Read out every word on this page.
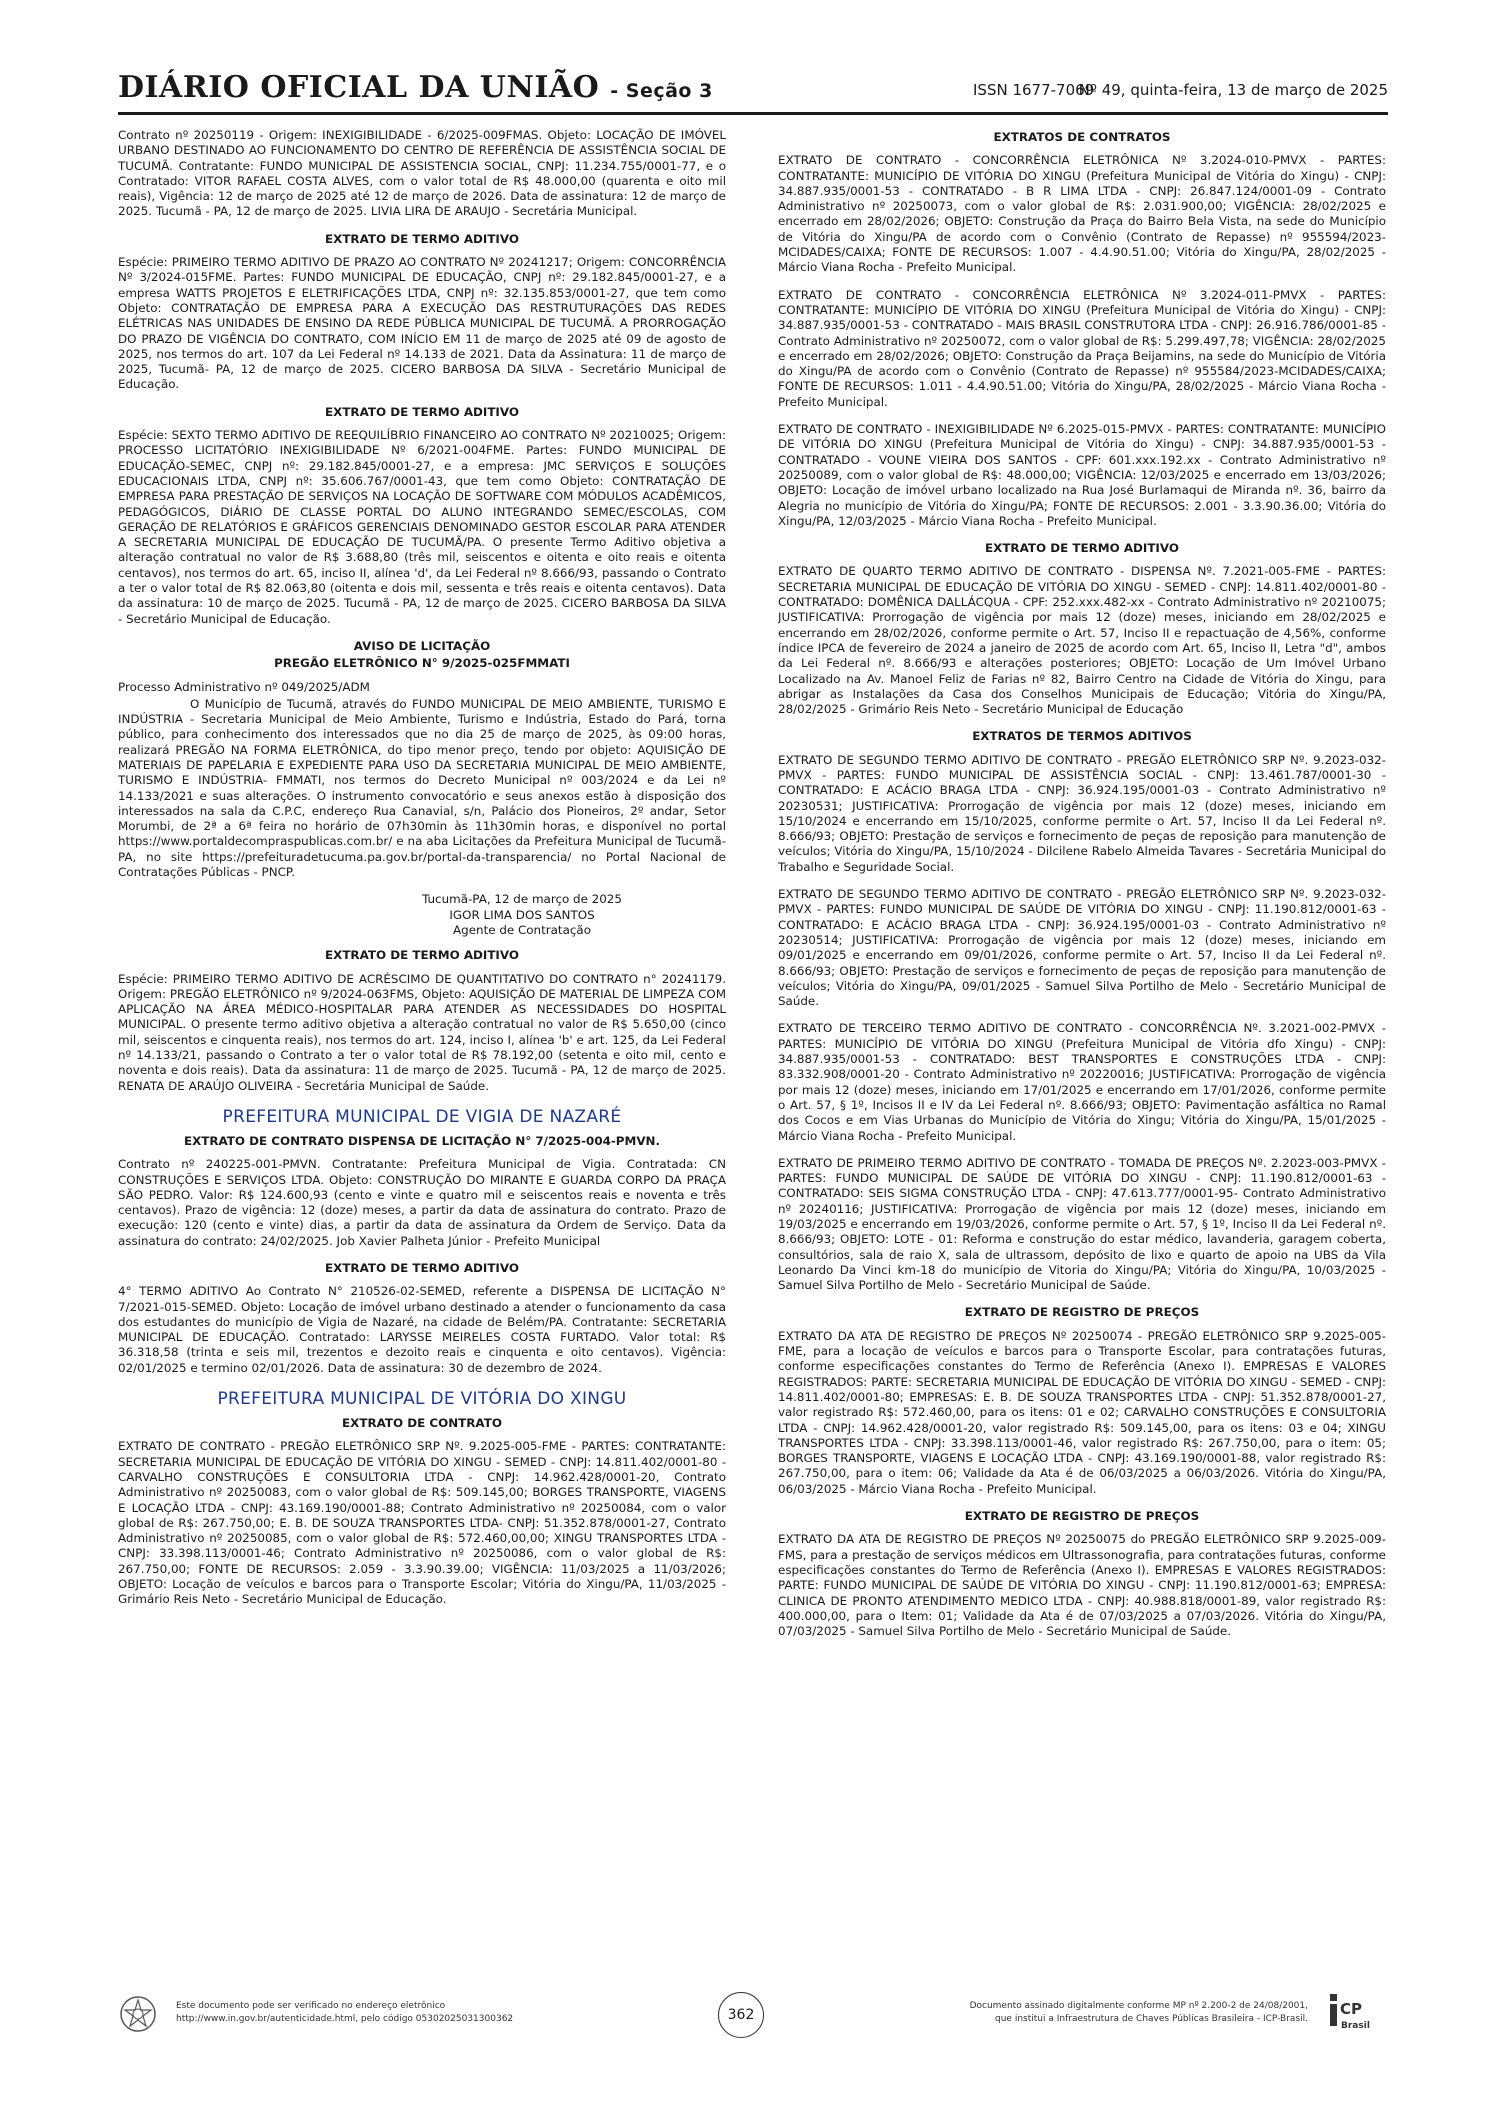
DIÁRIO OFICIAL DA UNIÃO - Seção 3	ISSN 1677-7069
Nº 49, quinta-feira, 13 de março de 2025

Contrato nº 20250119 - Origem: INEXIGIBILIDADE - 6/2025-009FMAS. Objeto: LOCAÇÃO DE IMÓVEL URBANO DESTINADO AO FUNCIONAMENTO DO CENTRO DE REFERÊNCIA DE ASSISTÊNCIA SOCIAL DE TUCUMÃ. Contratante: FUNDO MUNICIPAL DE ASSISTENCIA SOCIAL, CNPJ: 11.234.755/0001-77, e o Contratado: VITOR RAFAEL COSTA ALVES, com o valor total de R$ 48.000,00 (quarenta e oito mil reais), Vigência: 12 de março de 2025 até 12 de março de 2026. Data de assinatura: 12 de março de 2025. Tucumã - PA, 12 de março de 2025. LIVIA LIRA DE ARAUJO - Secretária Municipal.

EXTRATO DE TERMO ADITIVO

Espécie: PRIMEIRO TERMO ADITIVO DE PRAZO AO CONTRATO Nº 20241217; Origem: CONCORRÊNCIA Nº 3/2024-015FME. Partes: FUNDO MUNICIPAL DE EDUCAÇÃO, CNPJ nº: 29.182.845/0001-27, e a empresa WATTS PROJETOS E ELETRIFICAÇÕES LTDA, CNPJ nº: 32.135.853/0001-27, que tem como Objeto: CONTRATAÇÃO DE EMPRESA PARA A EXECUÇÃO DAS RESTRUTURAÇÕES DAS REDES ELÉTRICAS NAS UNIDADES DE ENSINO DA REDE PÚBLICA MUNICIPAL DE TUCUMÃ. A PRORROGAÇÃO DO PRAZO DE VIGÊNCIA DO CONTRATO, COM INÍCIO EM 11 de março de 2025 até 09 de agosto de 2025, nos termos do art. 107 da Lei Federal nº 14.133 de 2021. Data da Assinatura: 11 de março de 2025, Tucumã- PA, 12 de março de 2025. CICERO BARBOSA DA SILVA - Secretário Municipal de Educação.

EXTRATO DE TERMO ADITIVO

Espécie: SEXTO TERMO ADITIVO DE REEQUILÍBRIO FINANCEIRO AO CONTRATO Nº 20210025; Origem: PROCESSO LICITATÓRIO INEXIGIBILIDADE Nº 6/2021-004FME. Partes: FUNDO MUNICIPAL DE EDUCAÇÃO-SEMEC, CNPJ nº: 29.182.845/0001-27, e a empresa: JMC SERVIÇOS E SOLUÇÕES EDUCACIONAIS LTDA, CNPJ nº: 35.606.767/0001-43, que tem como Objeto: CONTRATAÇÃO DE EMPRESA PARA PRESTAÇÃO DE SERVIÇOS NA LOCAÇÃO DE SOFTWARE COM MÓDULOS ACADÊMICOS, PEDAGÓGICOS, DIÁRIO DE CLASSE PORTAL DO ALUNO INTEGRANDO SEMEC/ESCOLAS, COM GERAÇÃO DE RELATÓRIOS E GRÁFICOS GERENCIAIS DENOMINADO GESTOR ESCOLAR PARA ATENDER A SECRETARIA MUNICIPAL DE EDUCAÇÃO DE TUCUMÃ/PA. O presente Termo Aditivo objetiva a alteração contratual no valor de R$ 3.688,80 (três mil, seiscentos e oitenta e oito reais e oitenta centavos), nos termos do art. 65, inciso II, alínea 'd', da Lei Federal nº 8.666/93, passando o Contrato a ter o valor total de R$ 82.063,80 (oitenta e dois mil, sessenta e três reais e oitenta centavos). Data da assinatura: 10 de março de 2025. Tucumã - PA, 12 de março de 2025. CICERO BARBOSA DA SILVA - Secretário Municipal de Educação.

AVISO DE LICITAÇÃO
PREGÃO ELETRÔNICO N° 9/2025-025FMMATI

Processo Administrativo nº 049/2025/ADM

O Município de Tucumã, através do FUNDO MUNICIPAL DE MEIO AMBIENTE, TURISMO E INDÚSTRIA - Secretaria Municipal de Meio Ambiente, Turismo e Indústria, Estado do Pará, torna público, para conhecimento dos interessados que no dia 25 de março de 2025, às 09:00 horas, realizará PREGÃO NA FORMA ELETRÔNICA, do tipo menor preço, tendo por objeto: AQUISIÇÃO DE MATERIAIS DE PAPELARIA E EXPEDIENTE PARA USO DA SECRETARIA MUNICIPAL DE MEIO AMBIENTE, TURISMO E INDÚSTRIA- FMMATI, nos termos do Decreto Municipal nº 003/2024 e da Lei nº 14.133/2021 e suas alterações. O instrumento convocatório e seus anexos estão à disposição dos interessados na sala da C.P.C, endereço Rua Canavial, s/n, Palácio dos Pioneiros, 2º andar, Setor Morumbi, de 2ª a 6ª feira no horário de 07h30min às 11h30min horas, e disponível no portal https://www.portaldecompraspublicas.com.br/ e na aba Licitações da Prefeitura Municipal de Tucumã-PA, no site https://prefeituradetucuma.pa.gov.br/portal-da-transparencia/ no Portal Nacional de Contratações Públicas - PNCP.

Tucumã-PA, 12 de março de 2025
IGOR LIMA DOS SANTOS
Agente de Contratação
EXTRATO DE TERMO ADITIVO

Espécie: PRIMEIRO TERMO ADITIVO DE ACRÉSCIMO DE QUANTITATIVO DO CONTRATO n° 20241179. Origem: PREGÃO ELETRÔNICO nº 9/2024-063FMS, Objeto: AQUISIÇÃO DE MATERIAL DE LIMPEZA COM APLICAÇÃO NA ÁREA MÉDICO-HOSPITALAR PARA ATENDER AS NECESSIDADES DO HOSPITAL MUNICIPAL. O presente termo aditivo objetiva a alteração contratual no valor de R$ 5.650,00 (cinco mil, seiscentos e cinquenta reais), nos termos do art. 124, inciso I, alínea 'b' e art. 125, da Lei Federal nº 14.133/21, passando o Contrato a ter o valor total de R$ 78.192,00 (setenta e oito mil, cento e noventa e dois reais). Data da assinatura: 11 de março de 2025. Tucumã - PA, 12 de março de 2025. RENATA DE ARAÚJO OLIVEIRA - Secretária Municipal de Saúde.

PREFEITURA MUNICIPAL DE VIGIA DE NAZARÉ
EXTRATO DE CONTRATO DISPENSA DE LICITAÇÃO N° 7/2025-004-PMVN.

Contrato nº 240225-001-PMVN. Contratante: Prefeitura Municipal de Vigia. Contratada: CN CONSTRUÇÕES E SERVIÇOS LTDA. Objeto: CONSTRUÇÃO DO MIRANTE E GUARDA CORPO DA PRAÇA SÃO PEDRO. Valor: R$ 124.600,93 (cento e vinte e quatro mil e seiscentos reais e noventa e três centavos). Prazo de vigência: 12 (doze) meses, a partir da data de assinatura do contrato. Prazo de execução: 120 (cento e vinte) dias, a partir da data de assinatura da Ordem de Serviço. Data da assinatura do contrato: 24/02/2025. Job Xavier Palheta Júnior - Prefeito Municipal

EXTRATO DE TERMO ADITIVO

4° TERMO ADITIVO Ao Contrato N° 210526-02-SEMED, referente a DISPENSA DE LICITAÇÃO N° 7/2021-015-SEMED. Objeto: Locação de imóvel urbano destinado a atender o funcionamento da casa dos estudantes do município de Vigia de Nazaré, na cidade de Belém/PA. Contratante: SECRETARIA MUNICIPAL DE EDUCAÇÃO. Contratado: LARYSSE MEIRELES COSTA FURTADO. Valor total: R$ 36.318,58 (trinta e seis mil, trezentos e dezoito reais e cinquenta e oito centavos). Vigência: 02/01/2025 e termino 02/01/2026. Data de assinatura: 30 de dezembro de 2024.

PREFEITURA MUNICIPAL DE VITÓRIA DO XINGU
EXTRATO DE CONTRATO

EXTRATO DE CONTRATO - PREGÃO ELETRÔNICO SRP Nº. 9.2025-005-FME - PARTES: CONTRATANTE: SECRETARIA MUNICIPAL DE EDUCAÇÃO DE VITÓRIA DO XINGU - SEMED - CNPJ: 14.811.402/0001-80 - CARVALHO CONSTRUÇÕES E CONSULTORIA LTDA - CNPJ: 14.962.428/0001-20, Contrato Administrativo nº 20250083, com o valor global de R$: 509.145,00; BORGES TRANSPORTE, VIAGENS E LOCAÇÃO LTDA - CNPJ: 43.169.190/0001-88; Contrato Administrativo nº 20250084, com o valor global de R$: 267.750,00; E. B. DE SOUZA TRANSPORTES LTDA- CNPJ: 51.352.878/0001-27, Contrato Administrativo nº 20250085, com o valor global de R$: 572.460,00,00; XINGU TRANSPORTES LTDA - CNPJ: 33.398.113/0001-46; Contrato Administrativo nº 20250086, com o valor global de R$: 267.750,00; FONTE DE RECURSOS: 2.059 - 3.3.90.39.00; VIGÊNCIA: 11/03/2025 a 11/03/2026; OBJETO: Locação de veículos e barcos para o Transporte Escolar; Vitória do Xingu/PA, 11/03/2025 - Grimário Reis Neto - Secretário Municipal de Educação.

EXTRATOS DE CONTRATOS

EXTRATO DE CONTRATO - CONCORRÊNCIA ELETRÔNICA Nº 3.2024-010-PMVX - PARTES: CONTRATANTE: MUNICÍPIO DE VITÓRIA DO XINGU (Prefeitura Municipal de Vitória do Xingu) - CNPJ: 34.887.935/0001-53 - CONTRATADO - B R LIMA LTDA - CNPJ: 26.847.124/0001-09 - Contrato Administrativo nº 20250073, com o valor global de R$: 2.031.900,00; VIGÊNCIA: 28/02/2025 e encerrado em 28/02/2026; OBJETO: Construção da Praça do Bairro Bela Vista, na sede do Município de Vitória do Xingu/PA de acordo com o Convênio (Contrato de Repasse) nº 955594/2023-MCIDADES/CAIXA; FONTE DE RECURSOS: 1.007 - 4.4.90.51.00; Vitória do Xingu/PA, 28/02/2025 - Márcio Viana Rocha - Prefeito Municipal.

EXTRATO DE CONTRATO - CONCORRÊNCIA ELETRÔNICA Nº 3.2024-011-PMVX - PARTES: CONTRATANTE: MUNICÍPIO DE VITÓRIA DO XINGU (Prefeitura Municipal de Vitória do Xingu) - CNPJ: 34.887.935/0001-53 - CONTRATADO - MAIS BRASIL CONSTRUTORA LTDA - CNPJ: 26.916.786/0001-85 - Contrato Administrativo nº 20250072, com o valor global de R$: 5.299.497,78; VIGÊNCIA: 28/02/2025 e encerrado em 28/02/2026; OBJETO: Construção da Praça Beijamins, na sede do Município de Vitória do Xingu/PA de acordo com o Convênio (Contrato de Repasse) nº 955584/2023-MCIDADES/CAIXA; FONTE DE RECURSOS: 1.011 - 4.4.90.51.00; Vitória do Xingu/PA, 28/02/2025 - Márcio Viana Rocha - Prefeito Municipal.

EXTRATO DE CONTRATO - INEXIGIBILIDADE Nº 6.2025-015-PMVX - PARTES: CONTRATANTE: MUNICÍPIO DE VITÓRIA DO XINGU (Prefeitura Municipal de Vitória do Xingu) - CNPJ: 34.887.935/0001-53 - CONTRATADO - VOUNE VIEIRA DOS SANTOS - CPF: 601.xxx.192.xx - Contrato Administrativo nº 20250089, com o valor global de R$: 48.000,00; VIGÊNCIA: 12/03/2025 e encerrado em 13/03/2026; OBJETO: Locação de imóvel urbano localizado na Rua José Burlamaqui de Miranda nº. 36, bairro da Alegria no município de Vitória do Xingu/PA; FONTE DE RECURSOS: 2.001 - 3.3.90.36.00; Vitória do Xingu/PA, 12/03/2025 - Márcio Viana Rocha - Prefeito Municipal.

EXTRATO DE TERMO ADITIVO

EXTRATO DE QUARTO TERMO ADITIVO DE CONTRATO - DISPENSA Nº. 7.2021-005-FME - PARTES: SECRETARIA MUNICIPAL DE EDUCAÇÃO DE VITÓRIA DO XINGU - SEMED - CNPJ: 14.811.402/0001-80 - CONTRATADO: DOMÊNICA DALLÁCQUA - CPF: 252.xxx.482-xx - Contrato Administrativo nº 20210075; JUSTIFICATIVA: Prorrogação de vigência por mais 12 (doze) meses, iniciando em 28/02/2025 e encerrando em 28/02/2026, conforme permite o Art. 57, Inciso II e repactuação de 4,56%, conforme índice IPCA de fevereiro de 2024 a janeiro de 2025 de acordo com Art. 65, Inciso II, Letra "d", ambos da Lei Federal nº. 8.666/93 e alterações posteriores; OBJETO: Locação de Um Imóvel Urbano Localizado na Av. Manoel Feliz de Farias nº 82, Bairro Centro na Cidade de Vitória do Xingu, para abrigar as Instalações da Casa dos Conselhos Municipais de Educação; Vitória do Xingu/PA, 28/02/2025 - Grimário Reis Neto - Secretário Municipal de Educação

EXTRATOS DE TERMOS ADITIVOS

EXTRATO DE SEGUNDO TERMO ADITIVO DE CONTRATO - PREGÃO ELETRÔNICO SRP Nº. 9.2023-032-PMVX - PARTES: FUNDO MUNICIPAL DE ASSISTÊNCIA SOCIAL - CNPJ: 13.461.787/0001-30 - CONTRATADO: E ACÁCIO BRAGA LTDA - CNPJ: 36.924.195/0001-03 - Contrato Administrativo nº 20230531; JUSTIFICATIVA: Prorrogação de vigência por mais 12 (doze) meses, iniciando em 15/10/2024 e encerrando em 15/10/2025, conforme permite o Art. 57, Inciso II da Lei Federal nº. 8.666/93; OBJETO: Prestação de serviços e fornecimento de peças de reposição para manutenção de veículos; Vitória do Xingu/PA, 15/10/2024 - Dilcilene Rabelo Almeida Tavares - Secretária Municipal do Trabalho e Seguridade Social.

EXTRATO DE SEGUNDO TERMO ADITIVO DE CONTRATO - PREGÃO ELETRÔNICO SRP Nº. 9.2023-032-PMVX - PARTES: FUNDO MUNICIPAL DE SAÚDE DE VITÓRIA DO XINGU - CNPJ: 11.190.812/0001-63 - CONTRATADO: E ACÁCIO BRAGA LTDA - CNPJ: 36.924.195/0001-03 - Contrato Administrativo nº 20230514; JUSTIFICATIVA: Prorrogação de vigência por mais 12 (doze) meses, iniciando em 09/01/2025 e encerrando em 09/01/2026, conforme permite o Art. 57, Inciso II da Lei Federal nº. 8.666/93; OBJETO: Prestação de serviços e fornecimento de peças de reposição para manutenção de veículos; Vitória do Xingu/PA, 09/01/2025 - Samuel Silva Portilho de Melo - Secretário Municipal de Saúde.

EXTRATO DE TERCEIRO TERMO ADITIVO DE CONTRATO - CONCORRÊNCIA Nº. 3.2021-002-PMVX - PARTES: MUNICÍPIO DE VITÓRIA DO XINGU (Prefeitura Municipal de Vitória dfo Xingu) - CNPJ: 34.887.935/0001-53 - CONTRATADO: BEST TRANSPORTES E CONSTRUÇÕES LTDA - CNPJ: 83.332.908/0001-20 - Contrato Administrativo nº 20220016; JUSTIFICATIVA: Prorrogação de vigência por mais 12 (doze) meses, iniciando em 17/01/2025 e encerrando em 17/01/2026, conforme permite o Art. 57, § 1º, Incisos II e IV da Lei Federal nº. 8.666/93; OBJETO: Pavimentação asfáltica no Ramal dos Cocos e em Vias Urbanas do Município de Vitória do Xingu; Vitória do Xingu/PA, 15/01/2025 - Márcio Viana Rocha - Prefeito Municipal.

EXTRATO DE PRIMEIRO TERMO ADITIVO DE CONTRATO - TOMADA DE PREÇOS Nº. 2.2023-003-PMVX - PARTES: FUNDO MUNICIPAL DE SAÚDE DE VITÓRIA DO XINGU - CNPJ: 11.190.812/0001-63 - CONTRATADO: SEIS SIGMA CONSTRUÇÃO LTDA - CNPJ: 47.613.777/0001-95- Contrato Administrativo nº 20240116; JUSTIFICATIVA: Prorrogação de vigência por mais 12 (doze) meses, iniciando em 19/03/2025 e encerrando em 19/03/2026, conforme permite o Art. 57, § 1º, Inciso II da Lei Federal nº. 8.666/93; OBJETO: LOTE - 01: Reforma e construção do estar médico, lavanderia, garagem coberta, consultórios, sala de raio X, sala de ultrassom, depósito de lixo e quarto de apoio na UBS da Vila Leonardo Da Vinci km-18 do município de Vitoria do Xingu/PA; Vitória do Xingu/PA, 10/03/2025 - Samuel Silva Portilho de Melo - Secretário Municipal de Saúde.

EXTRATO DE REGISTRO DE PREÇOS

EXTRATO DA ATA DE REGISTRO DE PREÇOS Nº 20250074 - PREGÃO ELETRÔNICO SRP 9.2025-005-FME, para a locação de veículos e barcos para o Transporte Escolar, para contratações futuras, conforme especificações constantes do Termo de Referência (Anexo I). EMPRESAS E VALORES REGISTRADOS: PARTE: SECRETARIA MUNICIPAL DE EDUCAÇÃO DE VITÓRIA DO XINGU - SEMED - CNPJ: 14.811.402/0001-80; EMPRESAS: E. B. DE SOUZA TRANSPORTES LTDA - CNPJ: 51.352.878/0001-27, valor registrado R$: 572.460,00, para os itens: 01 e 02; CARVALHO CONSTRUÇÕES E CONSULTORIA LTDA - CNPJ: 14.962.428/0001-20, valor registrado R$: 509.145,00, para os itens: 03 e 04; XINGU TRANSPORTES LTDA - CNPJ: 33.398.113/0001-46, valor registrado R$: 267.750,00, para o item: 05; BORGES TRANSPORTE, VIAGENS E LOCAÇÃO LTDA - CNPJ: 43.169.190/0001-88, valor registrado R$: 267.750,00, para o item: 06; Validade da Ata é de 06/03/2025 a 06/03/2026. Vitória do Xingu/PA, 06/03/2025 - Márcio Viana Rocha - Prefeito Municipal.

EXTRATO DE REGISTRO DE PREÇOS

EXTRATO DA ATA DE REGISTRO DE PREÇOS Nº 20250075 do PREGÃO ELETRÔNICO SRP 9.2025-009-FMS, para a prestação de serviços médicos em Ultrassonografia, para contratações futuras, conforme especificações constantes do Termo de Referência (Anexo I). EMPRESAS E VALORES REGISTRADOS: PARTE: FUNDO MUNICIPAL DE SAÚDE DE VITÓRIA DO XINGU - CNPJ: 11.190.812/0001-63; EMPRESA: CLINICA DE PRONTO ATENDIMENTO MEDICO LTDA - CNPJ: 40.988.818/0001-89, valor registrado R$: 400.000,00, para o Item: 01; Validade da Ata é de 07/03/2025 a 07/03/2026. Vitória do Xingu/PA, 07/03/2025 - Samuel Silva Portilho de Melo - Secretário Municipal de Saúde.

Este documento pode ser verificado no endereço eletrônico
http://www.in.gov.br/autenticidade.html, pelo código 05302025031300362	362
Documento assinado digitalmente conforme MP nº 2.200-2 de 24/08/2001,
que institui a Infraestrutura de Chaves Públicas Brasileira - ICP-Brasil.
CP
Brasil
